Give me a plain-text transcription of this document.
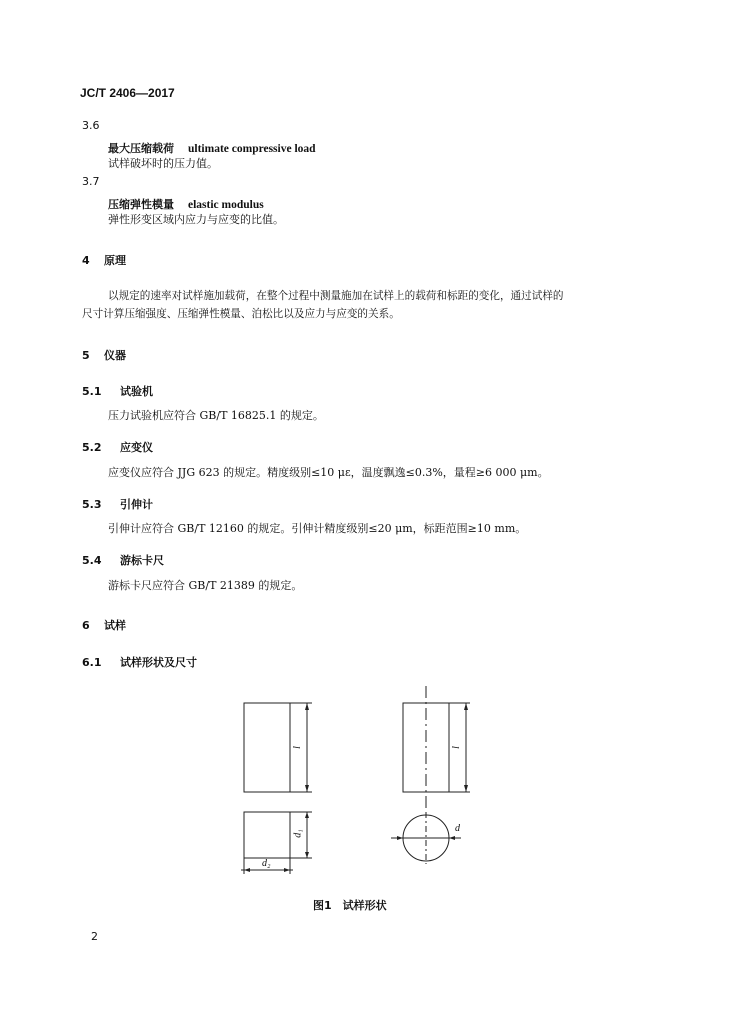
JC/T 2406—2017
3.6
最大压缩载荷 ultimate compressive load
试样破坏时的压力值。
3.7
压缩弹性模量 elastic modulus
弹性形变区域内应力与应变的比值。
4 原理
以规定的速率对试样施加载荷，在整个过程中测量施加在试样上的载荷和标距的变化，通过试样的
尺寸计算压缩强度、压缩弹性模量、泊松比以及应力与应变的关系。
5 仪器
5.1 试验机
压力试验机应符合 GB/T 16825.1 的规定。
5.2 应变仪
应变仪应符合 JJG 623 的规定。精度级别≤10 με，温度飘逸≤0.3%，量程≥6 000 μm。
5.3 引伸计
引伸计应符合 GB/T 12160 的规定。引伸计精度级别≤20 μm，标距范围≥10 mm。
5.4 游标卡尺
游标卡尺应符合 GB/T 21389 的规定。
6 试样
6.1 试样形状及尺寸
l	l
d₁
d₂
d
图1　试样形状
2
